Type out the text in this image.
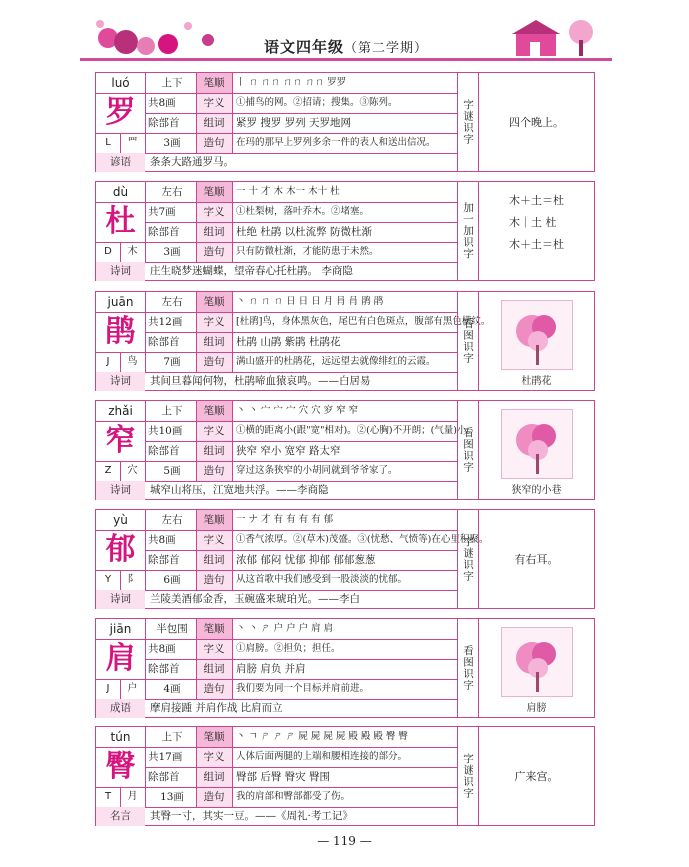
语文四年级（第二学期）
luó
罗
L	罒
上下	笔顺	丨 ㄇ ㄇㄇ ㄇㄇ ㄇㄇ 罗罗
共8画	字义	①捕鸟的网。②招请；搜集。③陈列。
除部首	组词	紧罗 搜罗 罗列 天罗地网
3画	造句	在玛的那早上罗列多余一件的表人和送出信况。
谚语	条条大路通罗马。
字谜识字	四个晚上。
dù
杜
D	木
左右	笔顺	一 十 才 木 木一 木十 杜
共7画	字义	①杜梨树，落叶乔木。②堵塞。
除部首	组词	杜绝 杜鹃 以杜流弊 防微杜渐
3画	造句	只有防微杜渐，才能防患于未然。
诗词	庄生晓梦迷蝴蝶，望帝春心托杜鹃。 李商隐
加一加识字
木＋土＝杜
木｜土 杜
木＋土＝杜
juān
鹃
J	鸟
左右	笔顺	丶 ㄇ ㄇ ㄇ 日 日 日 月 肙 肙 鹃 鹃
共12画	字义	[杜鹃]鸟，身体黑灰色，尾巴有白色斑点，腹部有黑色横纹。
除部首	组词	杜鹃 山鹃 紫鹃 杜鹃花
7画	造句	满山盛开的杜鹃花，远远望去就像绯红的云霞。
诗词	其间旦暮闻何物，杜鹃啼血猿哀鸣。——白居易
看图识字
杜鹃花
zhǎi
窄
Z	穴
上下	笔顺	丶 丶 宀 宀 宀 穴 穴 穸 窄 窄
共10画	字义	①横的距离小(跟"宽"相对)。②(心胸)不开朗；(气量)小。
除部首	组词	狭窄 窄小 宽窄 路太窄
5画	造句	穿过这条狭窄的小胡同就到爷爷家了。
诗词	城窄山将压，江宽地共浮。——李商隐
看图识字
狭窄的小巷
yù
郁
Y	阝
左右	笔顺	一 ナ 才 有 有 有 有 郁
共8画	字义	①香气浓厚。②(草木)茂盛。③(忧愁、气愤等)在心里积聚。
除部首	组词	浓郁 郁闷 忧郁 抑郁 郁郁葱葱
6画	造句	从这首歌中我们感受到一股淡淡的忧郁。
诗词	兰陵美酒郁金香，玉碗盛来琥珀光。——李白
字谜识字	有右耳。
jiān
肩
J	户
半包围	笔顺	丶 丶 ㄕ 户 户 户 肩 肩
共8画	字义	①肩膀。②担负；担任。
除部首	组词	肩膀 肩负 并肩
4画	造句	我们要为同一个目标并肩前进。
成语	摩肩接踵 并肩作战 比肩而立
看图识字
肩膀
tún
臀
T	月
上下	笔顺	丶 ㄱ ㄕ ㄕ ㄕ 屍 屍 屍 屍 殿 殿 殿 臀 臀
共17画	字义	人体后面两腿的上端和腰相连接的部分。
除部首	组词	臀部 后臀 臀灾 臀围
13画	造句	我的肩部和臀部都受了伤。
名言	其臀一寸，其实一豆。——《周礼·考工记》
字谜识字	广来宫。
— 119 —
